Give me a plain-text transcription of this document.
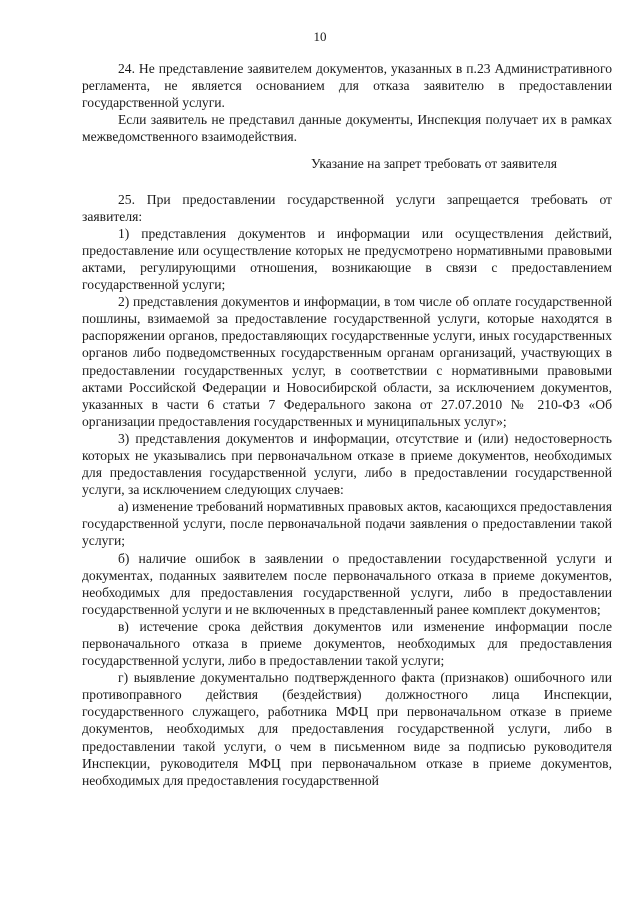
10

24. Не представление заявителем документов, указанных в п.23 Административного регламента, не является основанием для отказа заявителю в предоставлении государственной услуги.

Если заявитель не представил данные документы, Инспекция получает их в рамках межведомственного взаимодействия.

Указание на запрет требовать от заявителя

25. При предоставлении государственной услуги запрещается требовать от заявителя:

1) представления документов и информации или осуществления действий, предоставление или осуществление которых не предусмотрено нормативными правовыми актами, регулирующими отношения, возникающие в связи с предоставлением государственной услуги;

2) представления документов и информации, в том числе об оплате государственной пошлины, взимаемой за предоставление государственной услуги, которые находятся в распоряжении органов, предоставляющих государственные услуги, иных государственных органов либо подведомственных государственным органам организаций, участвующих в предоставлении государственных услуг, в соответствии с нормативными правовыми актами Российской Федерации и Новосибирской области, за исключением документов, указанных в части 6 статьи 7 Федерального закона от 27.07.2010 № 210-ФЗ «Об организации предоставления государственных и муниципальных услуг»;

3) представления документов и информации, отсутствие и (или) недостоверность которых не указывались при первоначальном отказе в приеме документов, необходимых для предоставления государственной услуги, либо в предоставлении государственной услуги, за исключением следующих случаев:

а) изменение требований нормативных правовых актов, касающихся предоставления государственной услуги, после первоначальной подачи заявления о предоставлении такой услуги;

б) наличие ошибок в заявлении о предоставлении государственной услуги и документах, поданных заявителем после первоначального отказа в приеме документов, необходимых для предоставления государственной услуги, либо в предоставлении государственной услуги и не включенных в представленный ранее комплект документов;

в) истечение срока действия документов или изменение информации после первоначального отказа в приеме документов, необходимых для предоставления государственной услуги, либо в предоставлении такой услуги;

г) выявление документально подтвержденного факта (признаков) ошибочного или противоправного действия (бездействия) должностного лица Инспекции, государственного служащего, работника МФЦ при первоначальном отказе в приеме документов, необходимых для предоставления государственной услуги, либо в предоставлении такой услуги, о чем в письменном виде за подписью руководителя Инспекции, руководителя МФЦ при первоначальном отказе в приеме документов, необходимых для предоставления государственной
